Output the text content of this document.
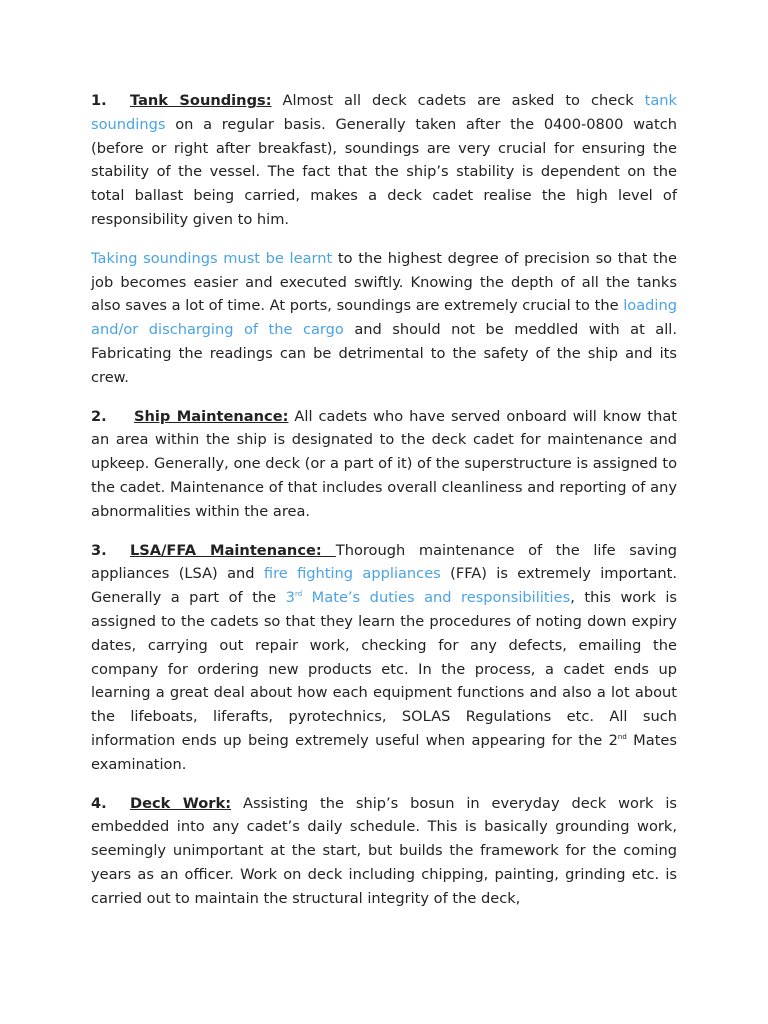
1. Tank Soundings: Almost all deck cadets are asked to check tank soundings on a regular basis. Generally taken after the 0400-0800 watch (before or right after breakfast), soundings are very crucial for ensuring the stability of the vessel. The fact that the ship’s stability is dependent on the total ballast being carried, makes a deck cadet realise the high level of responsibility given to him.

Taking soundings must be learnt to the highest degree of precision so that the job becomes easier and executed swiftly. Knowing the depth of all the tanks also saves a lot of time. At ports, soundings are extremely crucial to the loading and/or discharging of the cargo and should not be meddled with at all. Fabricating the readings can be detrimental to the safety of the ship and its crew.

2. Ship Maintenance: All cadets who have served onboard will know that an area within the ship is designated to the deck cadet for maintenance and upkeep. Generally, one deck (or a part of it) of the superstructure is assigned to the cadet. Maintenance of that includes overall cleanliness and reporting of any abnormalities within the area.

3. LSA/FFA Maintenance: Thorough maintenance of the life saving appliances (LSA) and fire fighting appliances (FFA) is extremely important. Generally a part of the 3rd Mate’s duties and responsibilities, this work is assigned to the cadets so that they learn the procedures of noting down expiry dates, carrying out repair work, checking for any defects, emailing the company for ordering new products etc. In the process, a cadet ends up learning a great deal about how each equipment functions and also a lot about the lifeboats, liferafts, pyrotechnics, SOLAS Regulations etc. All such information ends up being extremely useful when appearing for the 2nd Mates examination.

4. Deck Work: Assisting the ship’s bosun in everyday deck work is embedded into any cadet’s daily schedule. This is basically grounding work, seemingly unimportant at the start, but builds the framework for the coming years as an officer. Work on deck including chipping, painting, grinding etc. is carried out to maintain the structural integrity of the deck,
